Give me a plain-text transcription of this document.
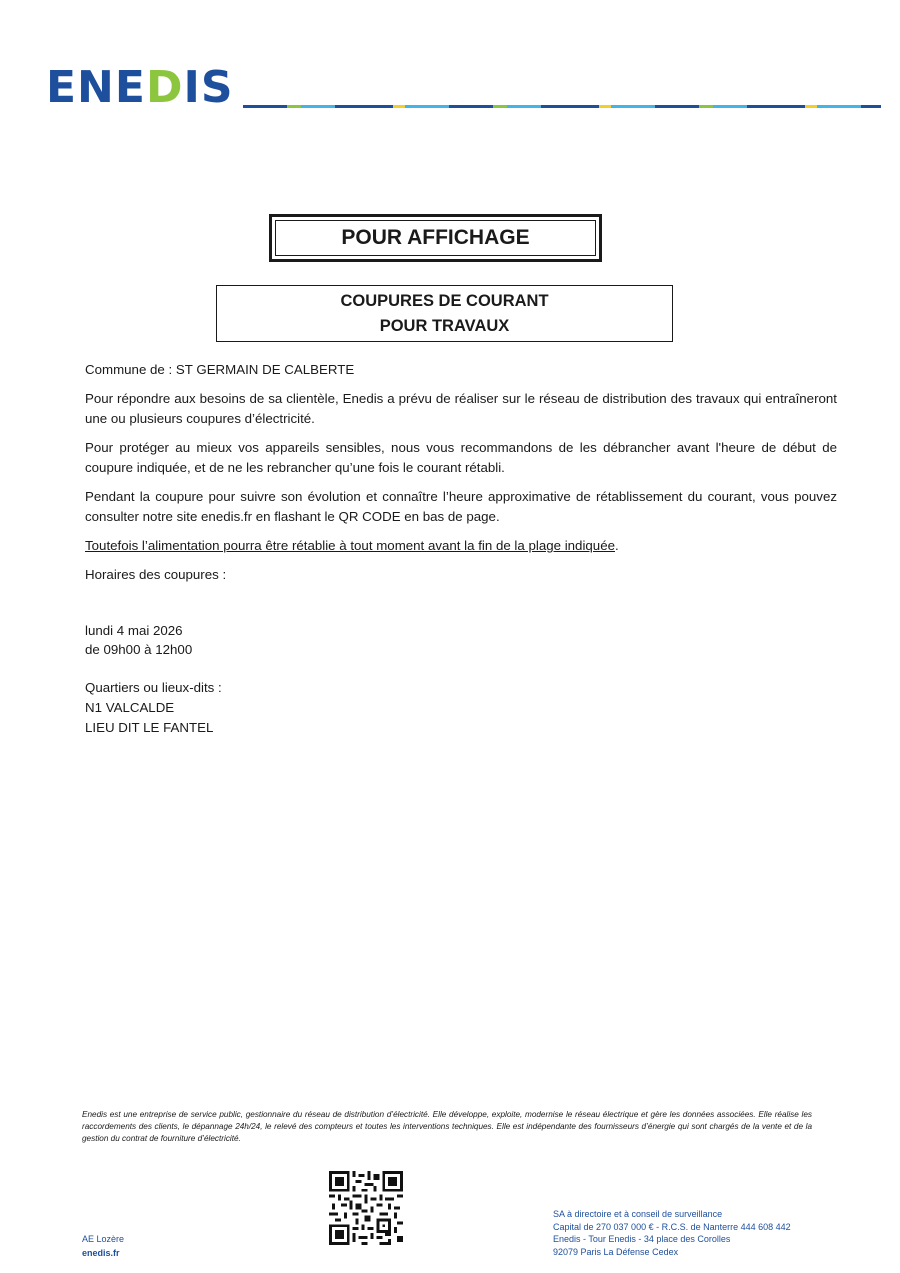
ENEDIS
POUR AFFICHAGE
COUPURES DE COURANT
POUR TRAVAUX

Commune de : ST GERMAIN DE CALBERTE

Pour répondre aux besoins de sa clientèle, Enedis a prévu de réaliser sur le réseau de distribution des travaux qui entraîneront une ou plusieurs coupures d’électricité.

Pour protéger au mieux vos appareils sensibles, nous vous recommandons de les débrancher avant l'heure de début de coupure indiquée, et de ne les rebrancher qu’une fois le courant rétabli.

Pendant la coupure pour suivre son évolution et connaître l’heure approximative de rétablissement du courant, vous pouvez consulter notre site enedis.fr en flashant le QR CODE en bas de page.

Toutefois l’alimentation pourra être rétablie à tout moment avant la fin de la plage indiquée.

Horaires des coupures :

lundi 4 mai 2026

de 09h00 à 12h00

Quartiers ou lieux-dits :

N1 VALCALDE

LIEU DIT LE FANTEL

Enedis est une entreprise de service public, gestionnaire du réseau de distribution d’électricité. Elle développe, exploite, modernise le réseau électrique et gère les données associées. Elle réalise les raccordements des clients, le dépannage 24h/24, le relevé des compteurs et toutes les interventions techniques. Elle est indépendante des fournisseurs d’énergie qui sont chargés de la vente et de la gestion du contrat de fourniture d’électricité.
AE Lozère
enedis.fr
SA à directoire et à conseil de surveillance
Capital de 270 037 000 € - R.C.S. de Nanterre 444 608 442
Enedis - Tour Enedis - 34 place des Corolles
92079 Paris La Défense Cedex
